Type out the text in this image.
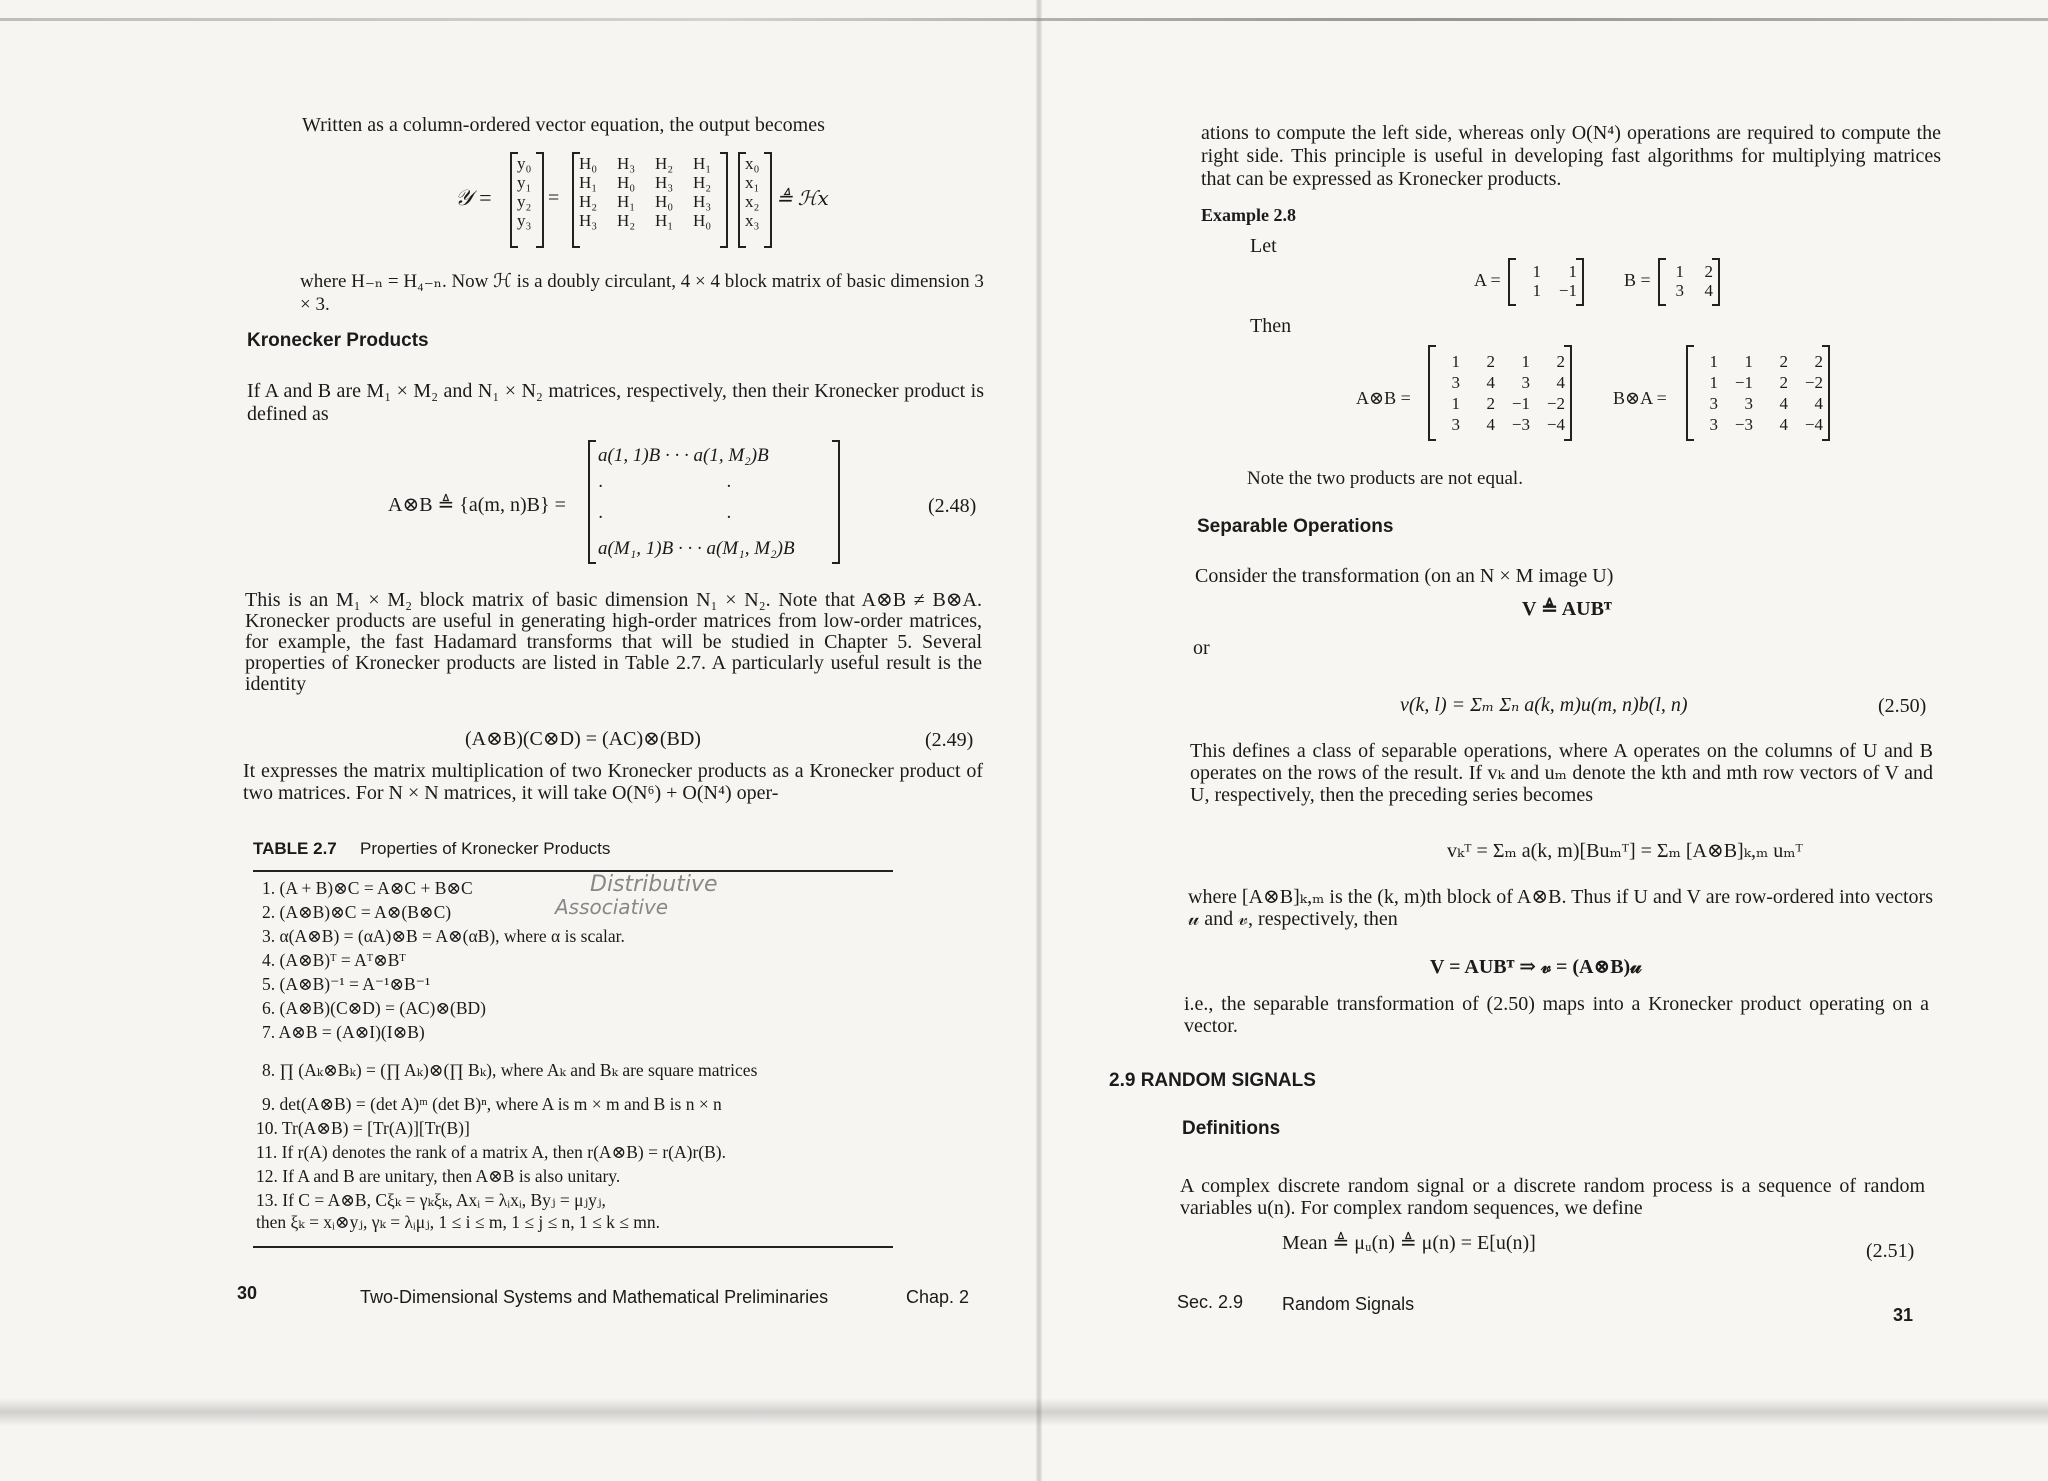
Written as a column-ordered vector equation, the output becomes
𝒴 =
y₀
y₁
y₂
y₃
=
H₀	H₃	H₂	H₁
H₁	H₀	H₃	H₂
H₂	H₁	H₀	H₃
H₃	H₂	H₁	H₀
x₀
x₁
x₂
x₃
≜ ℋ𝑥
where H₋ₙ = H₄₋ₙ. Now ℋ is a doubly circulant, 4 × 4 block matrix of basic dimension 3 × 3.
Kronecker Products
If A and B are M₁ × M₂ and N₁ × N₂ matrices, respectively, then their Kronecker product is defined as
A⊗B ≜ {a(m, n)B} =
a(1, 1)B · · · a(1, M₂)B
·                          ·
·                          ·
a(M₁, 1)B · · · a(M₁, M₂)B
(2.48)
This is an M₁ × M₂ block matrix of basic dimension N₁ × N₂. Note that A⊗B ≠ B⊗A. Kronecker products are useful in generating high-order matrices from low-order matrices, for example, the fast Hadamard transforms that will be studied in Chapter 5. Several properties of Kronecker products are listed in Table 2.7. A particularly useful result is the identity
(A⊗B)(C⊗D) = (AC)⊗(BD)	(2.49)
It expresses the matrix multiplication of two Kronecker products as a Kronecker product of two matrices. For N × N matrices, it will take O(N⁶) + O(N⁴) oper-
TABLE 2.7 Properties of Kronecker Products
1. (A + B)⊗C = A⊗C + B⊗C
2. (A⊗B)⊗C = A⊗(B⊗C)
3. α(A⊗B) = (αA)⊗B = A⊗(αB), where α is scalar.
4. (A⊗B)ᵀ = Aᵀ⊗Bᵀ
5. (A⊗B)⁻¹ = A⁻¹⊗B⁻¹
6. (A⊗B)(C⊗D) = (AC)⊗(BD)
7. A⊗B = (A⊗I)(I⊗B)
8. ∏ (Aₖ⊗Bₖ) = (∏ Aₖ)⊗(∏ Bₖ), where Aₖ and Bₖ are square matrices
9. det(A⊗B) = (det A)ᵐ (det B)ⁿ, where A is m × m and B is n × n
10. Tr(A⊗B) = [Tr(A)][Tr(B)]
11. If r(A) denotes the rank of a matrix A, then r(A⊗B) = r(A)r(B).
12. If A and B are unitary, then A⊗B is also unitary.
13. If C = A⊗B, Cξₖ = γₖξₖ, Axᵢ = λᵢxᵢ, Byⱼ = μⱼyⱼ,
then ξₖ = xᵢ⊗yⱼ, γₖ = λᵢμⱼ, 1 ≤ i ≤ m, 1 ≤ j ≤ n, 1 ≤ k ≤ mn.
Distributive
Associative
30	Two-Dimensional Systems and Mathematical Preliminaries	Chap. 2
ations to compute the left side, whereas only O(N⁴) operations are required to compute the right side. This principle is useful in developing fast algorithms for multiplying matrices that can be expressed as Kronecker products.
Example 2.8
Let
A =	1	1
1	−1
B =	1	2
3	4
Then
A⊗B =
1	2	1	2
3	4	3	4
1	2 −1 −2
3	4 −3 −4
B⊗A =
1	1	2	2
1 −1	2 −2
3	3	4	4
3 −3	4 −4
Note the two products are not equal.
Separable Operations
Consider the transformation (on an N × M image U)
V ≜ AUBᵀ
or
v(k, l) = Σₘ Σₙ a(k, m)u(m, n)b(l, n)	(2.50)
This defines a class of separable operations, where A operates on the columns of U and B operates on the rows of the result. If vₖ and uₘ denote the kth and mth row vectors of V and U, respectively, then the preceding series becomes
vₖᵀ = Σₘ a(k, m)[Buₘᵀ] = Σₘ [A⊗B]ₖ,ₘ uₘᵀ
where [A⊗B]ₖ,ₘ is the (k, m)th block of A⊗B. Thus if U and V are row-ordered into vectors 𝓊 and 𝓋, respectively, then
V = AUBᵀ ⇒ 𝓋 = (A⊗B)𝓊
i.e., the separable transformation of (2.50) maps into a Kronecker product operating on a vector.
2.9 RANDOM SIGNALS
Definitions
A complex discrete random signal or a discrete random process is a sequence of random variables u(n). For complex random sequences, we define
Mean ≜ μᵤ(n) ≜ μ(n) = E[u(n)]	(2.51)
Sec. 2.9 Random Signals
31
